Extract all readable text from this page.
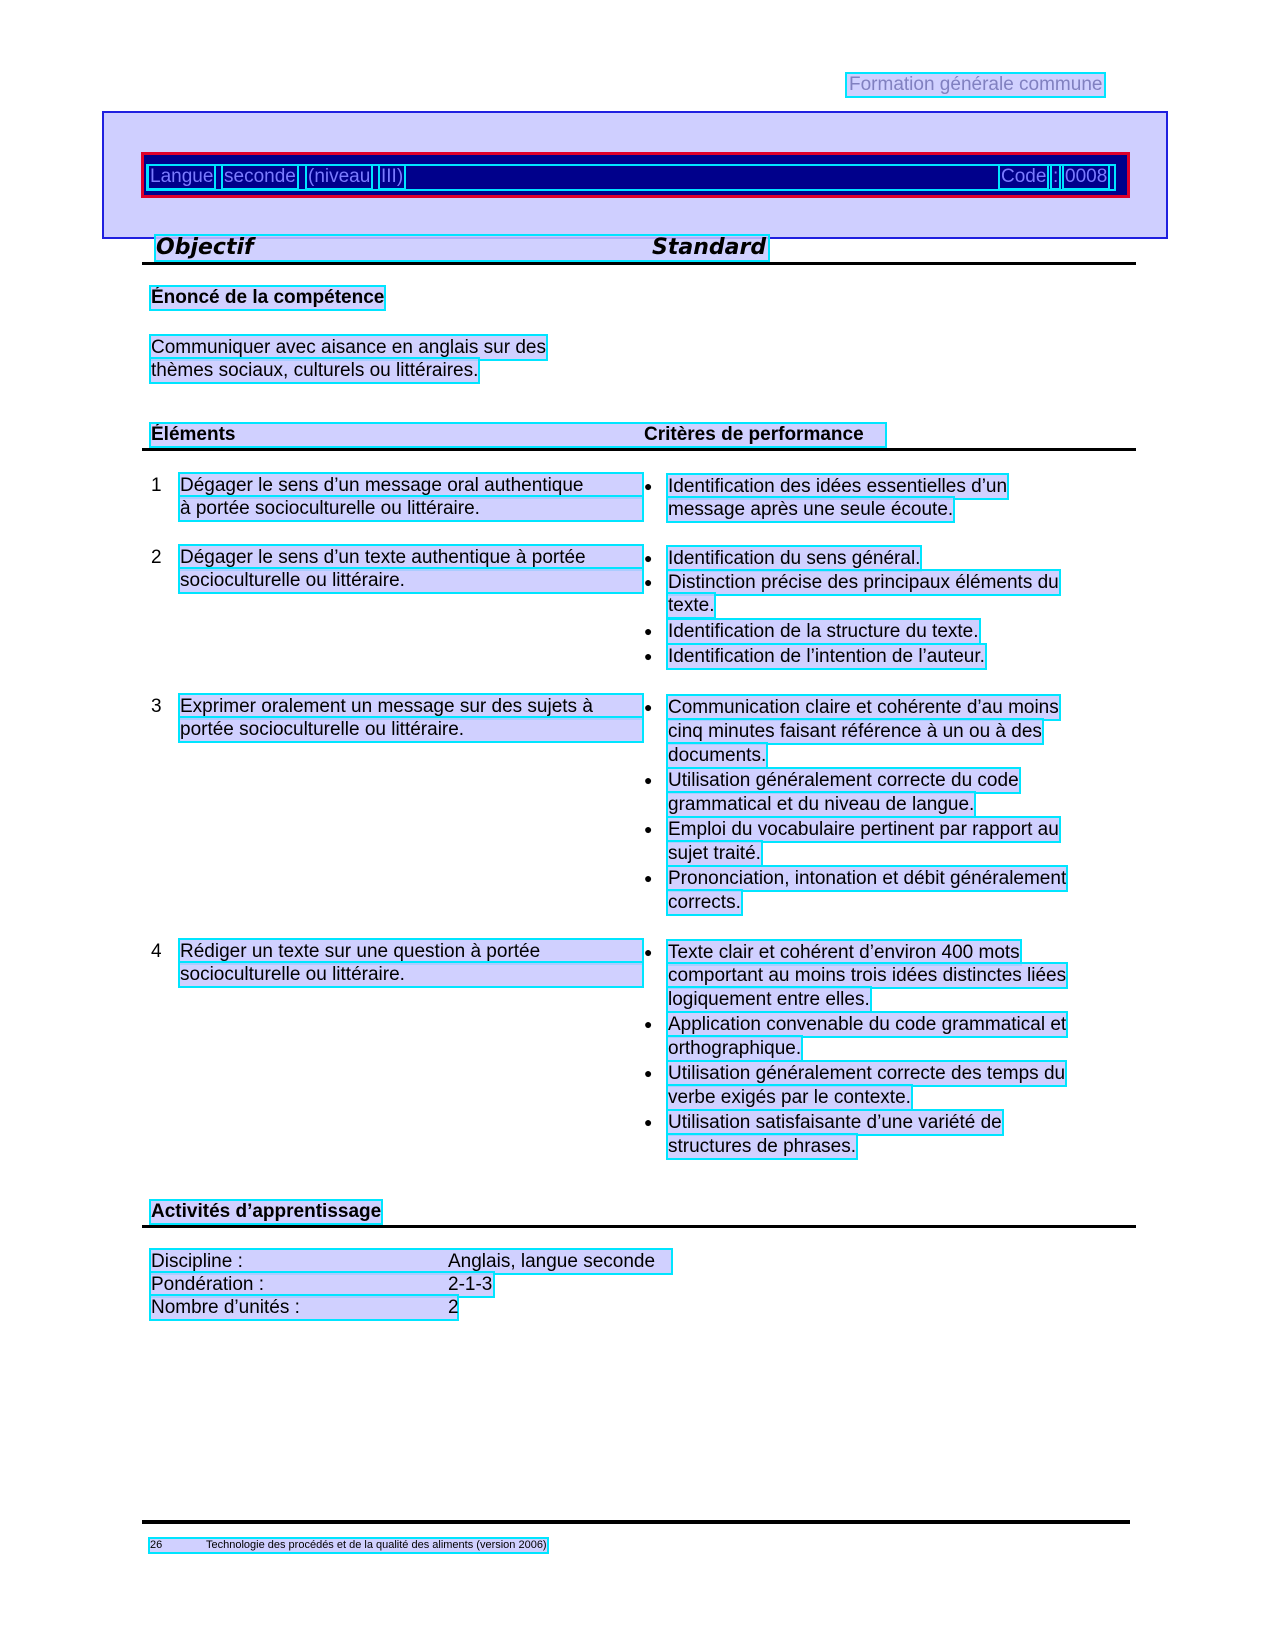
Formation générale commune
Langue seconde (niveau III)	Code : 0008
Objectif	Standard
Énoncé de la compétence
Communiquer avec aisance en anglais sur des
thèmes sociaux, culturels ou littéraires.
Éléments	Critères de performance
1 Dégager le sens d’un message oral authentique
à portée socioculturelle ou littéraire.
● Identification des idées essentielles d’un
message après une seule écoute.
2 Dégager le sens d’un texte authentique à portée
socioculturelle ou littéraire.
● Identification du sens général.
● Distinction précise des principaux éléments du
texte.
● Identification de la structure du texte.
● Identification de l’intention de l’auteur.
3 Exprimer oralement un message sur des sujets à
portée socioculturelle ou littéraire.
● Communication claire et cohérente d’au moins
cinq minutes faisant référence à un ou à des
documents.
● Utilisation généralement correcte du code
grammatical et du niveau de langue.
● Emploi du vocabulaire pertinent par rapport au
sujet traité.
● Prononciation, intonation et débit généralement
corrects.
4 Rédiger un texte sur une question à portée
socioculturelle ou littéraire.
● Texte clair et cohérent d’environ 400 mots
comportant au moins trois idées distinctes liées
logiquement entre elles.
● Application convenable du code grammatical et
orthographique.
● Utilisation généralement correcte des temps du
verbe exigés par le contexte.
● Utilisation satisfaisante d’une variété de
structures de phrases.
Activités d’apprentissage
Discipline :	Anglais, langue seconde
Pondération :	2-1-3
Nombre d’unités :	2
26	Technologie des procédés et de la qualité des aliments (version 2006)
